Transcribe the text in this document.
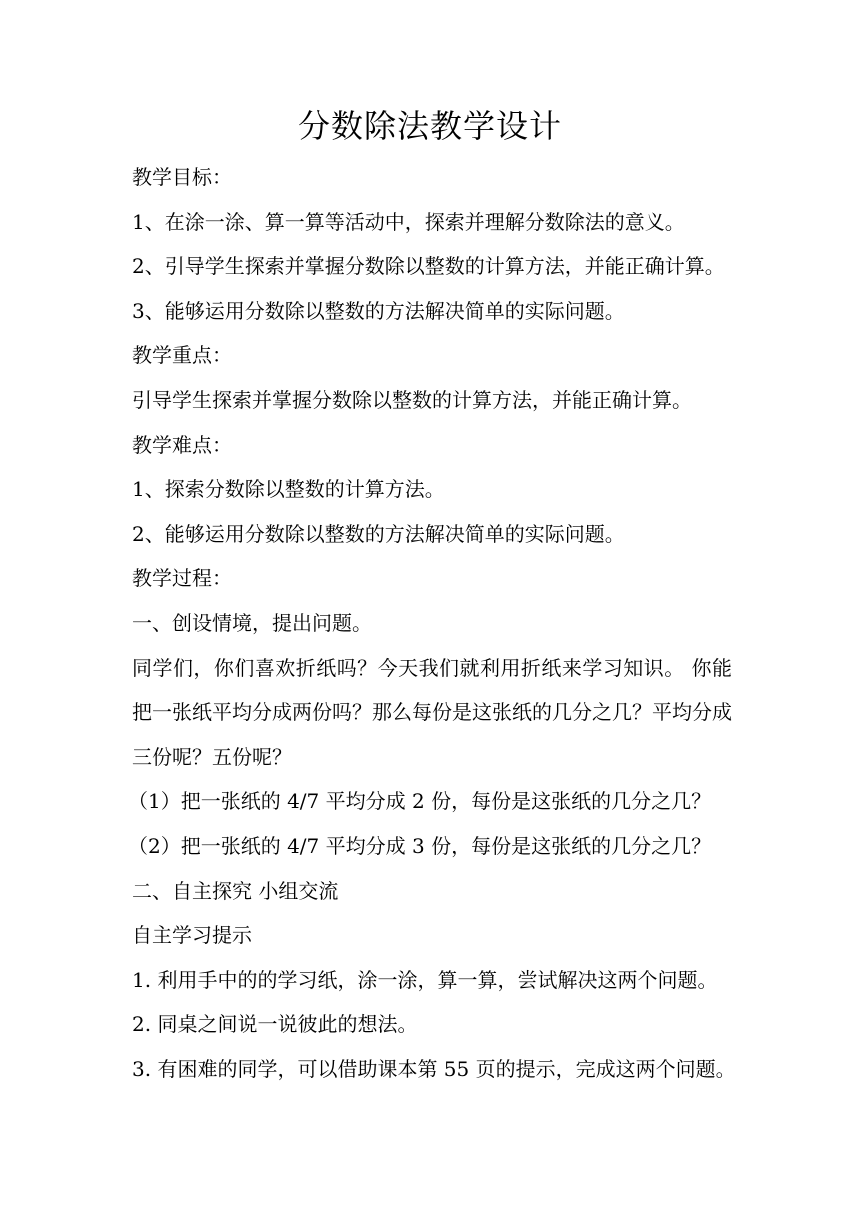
分数除法教学设计
教学目标：
1、在涂一涂、算一算等活动中，探索并理解分数除法的意义。
2、引导学生探索并掌握分数除以整数的计算方法，并能正确计算。
3、能够运用分数除以整数的方法解决简单的实际问题。
教学重点：
引导学生探索并掌握分数除以整数的计算方法，并能正确计算。
教学难点：
1、探索分数除以整数的计算方法。
2、能够运用分数除以整数的方法解决简单的实际问题。
教学过程：
一、创设情境，提出问题。
同学们，你们喜欢折纸吗？今天我们就利用折纸来学习知识。 你能把一张纸平均分成两份吗？那么每份是这张纸的几分之几？平均分成三份呢？五份呢？
（1）把一张纸的 4/7 平均分成 2 份，每份是这张纸的几分之几？
（2）把一张纸的 4/7 平均分成 3 份，每份是这张纸的几分之几？
二、自主探究 小组交流
自主学习提示
1. 利用手中的的学习纸，涂一涂，算一算，尝试解决这两个问题。
2. 同桌之间说一说彼此的想法。
3. 有困难的同学，可以借助课本第 55 页的提示，完成这两个问题。
